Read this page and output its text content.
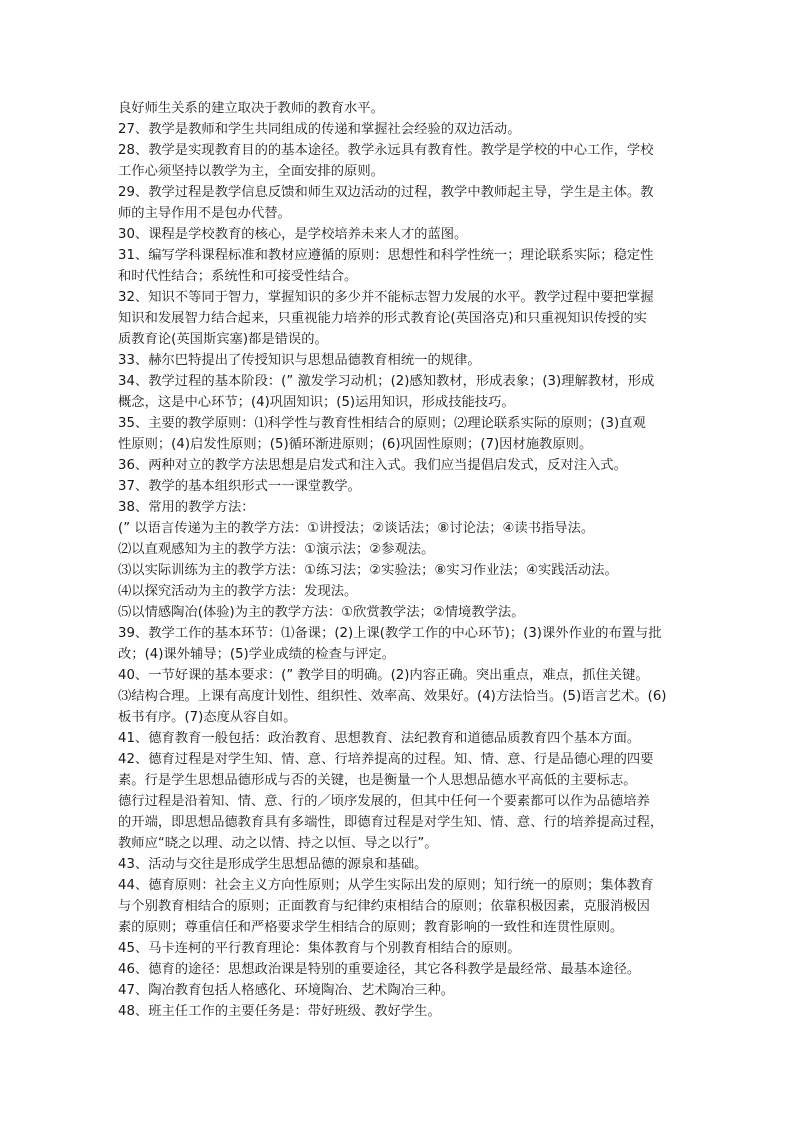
良好师生关系的建立取决于教师的教育水平。
27、教学是教师和学生共同组成的传递和掌握社会经验的双边活动。
28、教学是实现教育目的的基本途径。教学永远具有教育性。教学是学校的中心工作，学校
工作心须坚持以教学为主，全面安排的原则。
29、教学过程是教学信息反馈和师生双边活动的过程，教学中教师起主导，学生是主体。教
师的主导作用不是包办代替。
30、课程是学校教育的核心，是学校培养未来人才的蓝图。
31、编写学科课程标准和教材应遵循的原则：思想性和科学性统一；理论联系实际；稳定性
和时代性结合；系统性和可接受性结合。
32、知识不等同于智力，掌握知识的多少并不能标志智力发展的水平。教学过程中要把掌握
知识和发展智力结合起来，只重视能力培养的形式教育论(英国洛克)和只重视知识传授的实
质教育论(英国斯宾塞)都是错误的。
33、赫尔巴特提出了传授知识与思想品德教育相统一的规律。
34、教学过程的基本阶段：(” 激发学习动机；(2)感知教材，形成表象；(3)理解教材，形成
概念，这是中心环节；(4)巩固知识；(5)运用知识，形成技能技巧。
35、主要的教学原则：⑴科学性与教育性相结合的原则；⑵理论联系实际的原则；(3)直观
性原则；(4)启发性原则；(5)循环渐进原则；(6)巩固性原则；(7)因材施教原则。
36、两种对立的教学方法思想是启发式和注入式。我们应当提倡启发式，反对注入式。
37、教学的基本组织形式一一课堂教学。
38、常用的教学方法：
(” 以语言传递为主的教学方法：①讲授法；②谈话法；⑧讨论法；④读书指导法。
⑵以直观感知为主的教学方法：①演示法；②参观法。
⑶以实际训练为主的教学方法：①练习法；②实验法；⑧实习作业法；④实践活动法。
⑷以探究活动为主的教学方法：发现法。
⑸以情感陶冶(体验)为主的教学方法：①欣赏教学法；②情境教学法。
39、教学工作的基本环节：⑴备课；(2)上课(教学工作的中心环节)；(3)课外作业的布置与批
改；(4)课外辅导；(5)学业成绩的检查与评定。
40、一节好课的基本要求：(” 教学目的明确。(2)内容正确。突出重点，难点，抓住关键。
⑶结构合理。上课有高度计划性、组织性、效率高、效果好。(4)方法恰当。(5)语言艺术。(6)
板书有序。(7)态度从容自如。
41、德育教育一般包括：政治教育、思想教育、法纪教育和道德品质教育四个基本方面。
42、德育过程是对学生知、情、意、行培养提高的过程。知、情、意、行是品德心理的四要
素。行是学生思想品德形成与否的关键，也是衡量一个人思想品德水平高低的主要标志。
德行过程是沿着知、情、意、行的／顷序发展的，但其中任何一个要素都可以作为品德培养
的开端，即思想品德教育具有多端性，即德育过程是对学生知、情、意、行的培养提高过程，
教师应“晓之以理、动之以情、持之以恒、导之以行”。
43、活动与交往是形成学生思想品德的源泉和基础。
44、德育原则：社会主义方向性原则；从学生实际出发的原则；知行统一的原则；集体教育
与个别教育相结合的原则；正面教育与纪律约束相结合的原则；依靠积极因素，克服消极因
素的原则；尊重信任和严格要求学生相结合的原则；教育影响的一致性和连贯性原则。
45、马卡连柯的平行教育理论：集体教育与个别教育相结合的原则。
46、德育的途径：思想政治课是特别的重要途径，其它各科教学是最经常、最基本途径。
47、陶冶教育包括人格感化、环境陶冶、艺术陶冶三种。
48、班主任工作的主要任务是：带好班级、教好学生。
